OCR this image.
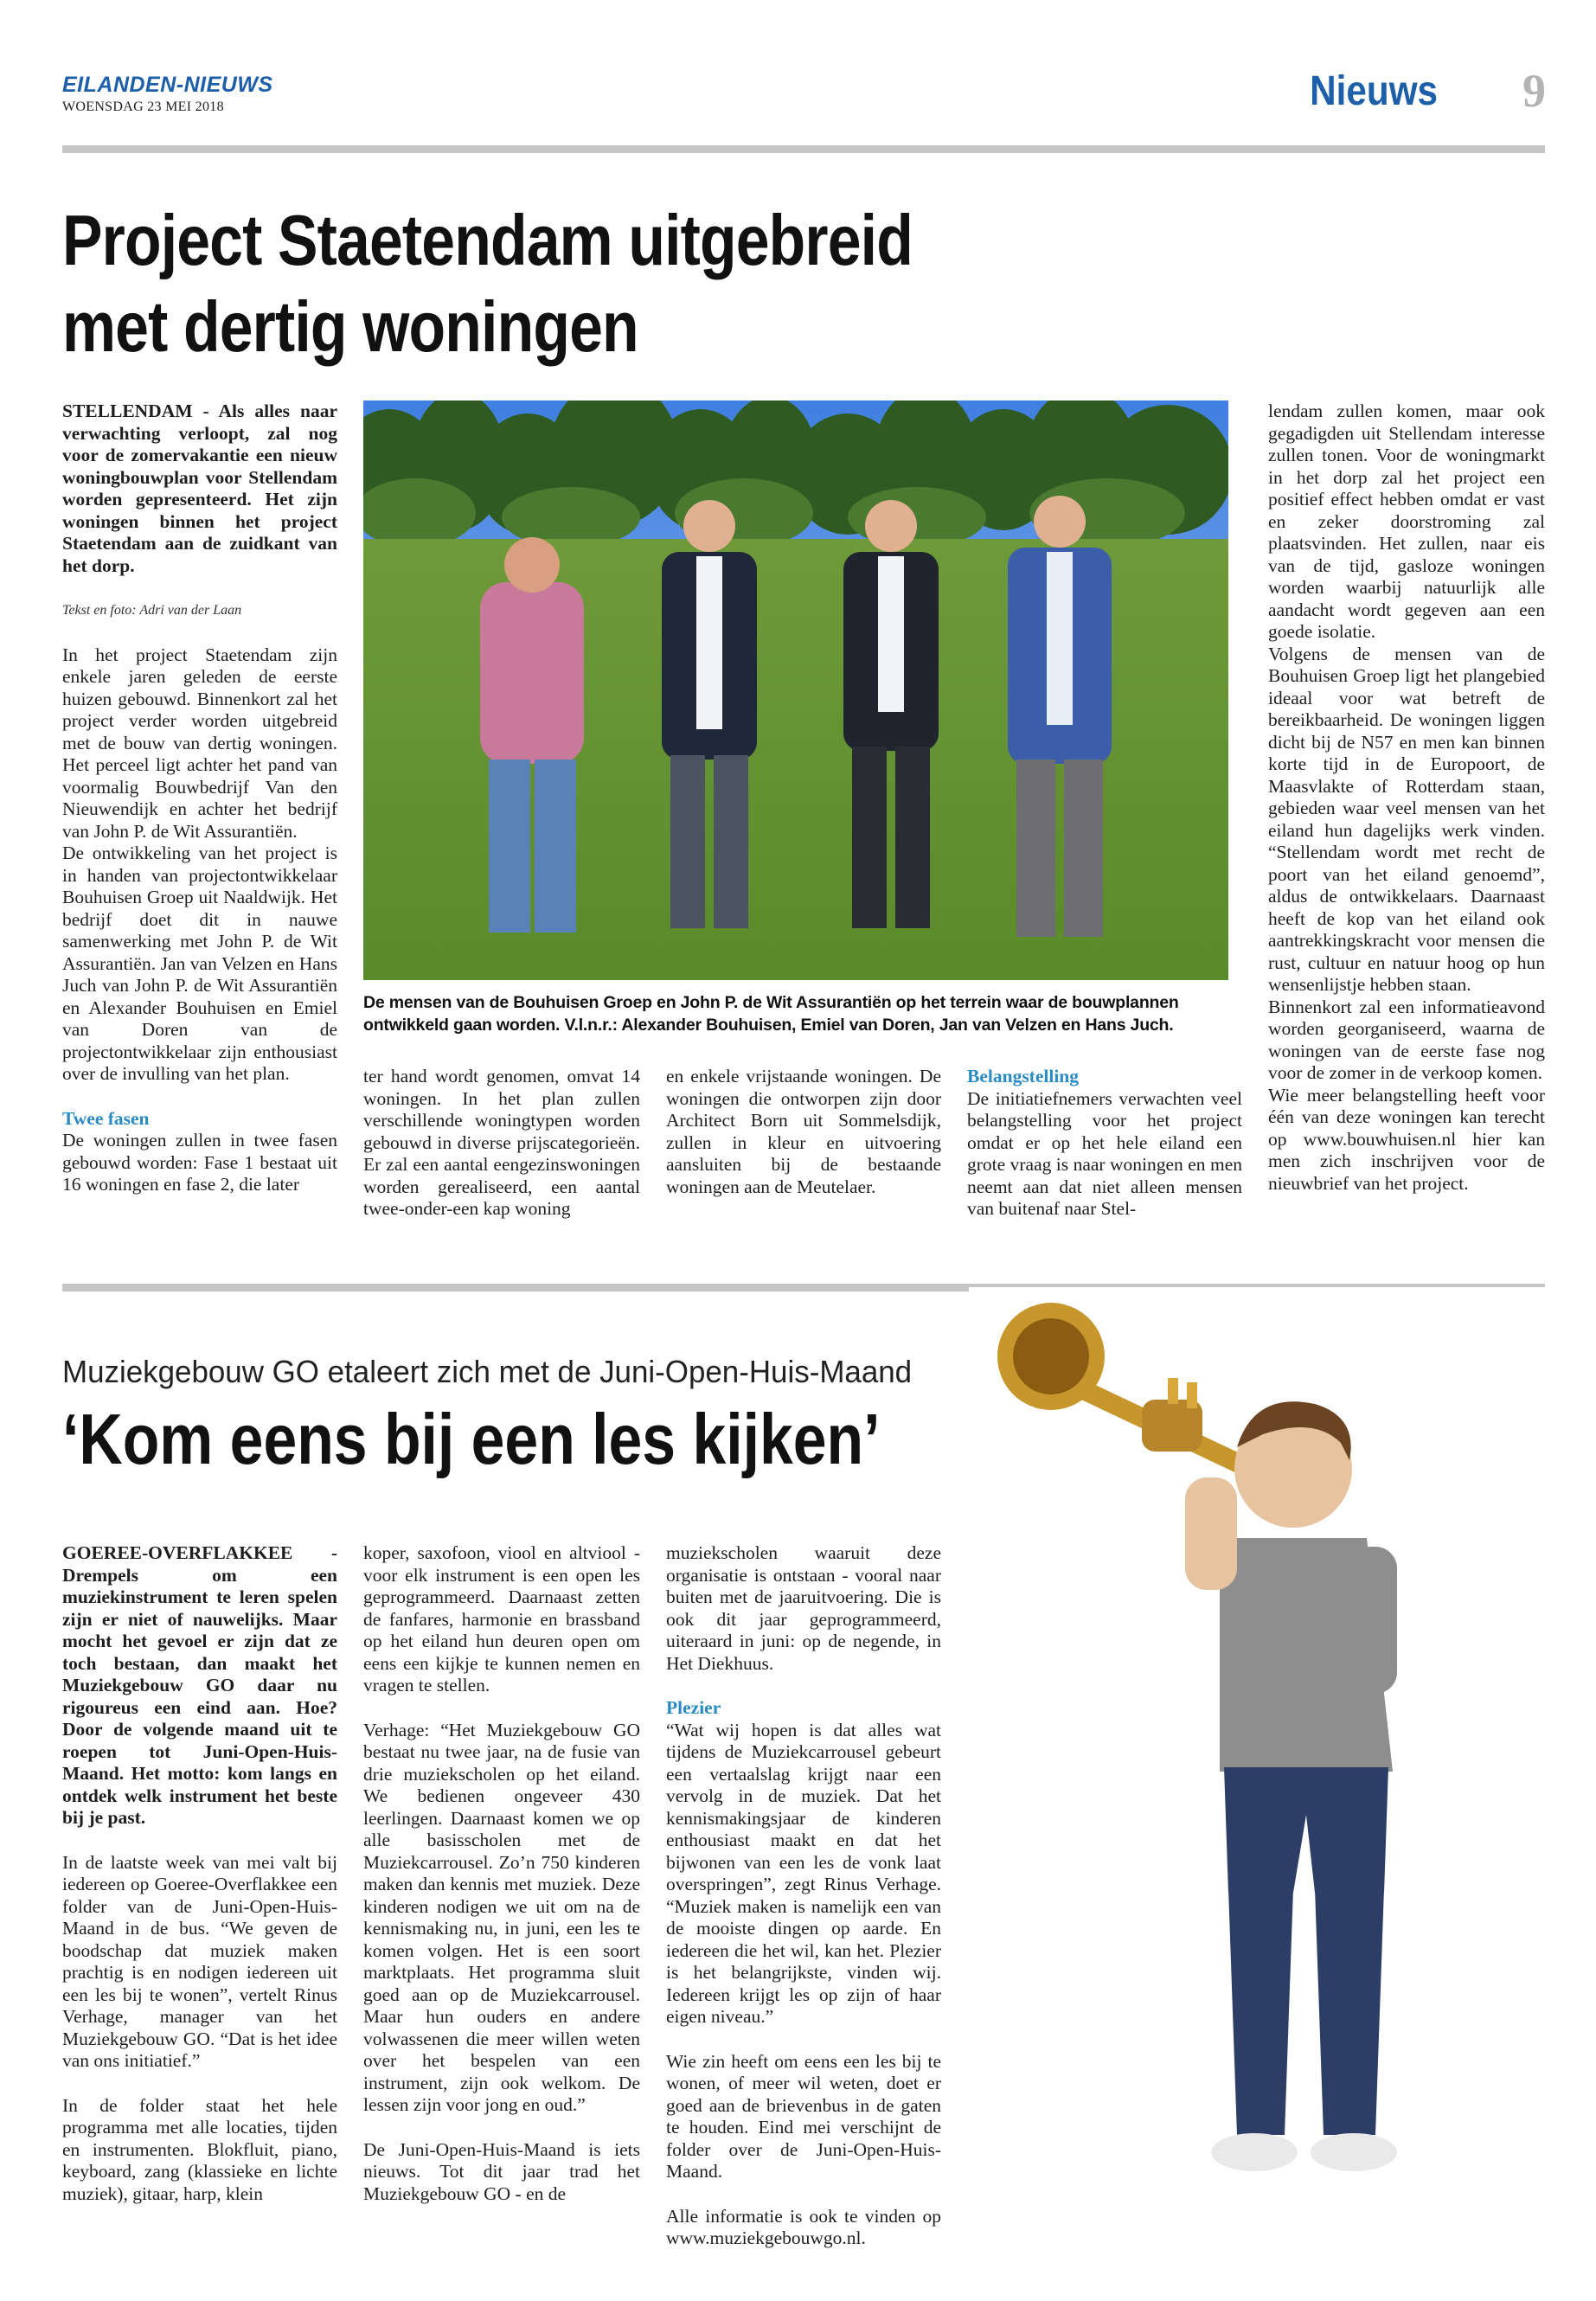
EILANDEN-NIEUWS
WOENSDAG 23 MEI 2018	Nieuws 9
Project Staetendam uitgebreid
met dertig woningen

STELLENDAM - Als alles naar verwachting verloopt, zal nog voor de zomervakantie een nieuw woningbouwplan voor Stellendam worden gepresenteerd. Het zijn woningen binnen het project Staetendam aan de zuidkant van het dorp.

Tekst en foto: Adri van der Laan

In het project Staetendam zijn enkele jaren geleden de eerste huizen gebouwd. Binnenkort zal het project verder worden uitgebreid met de bouw van dertig woningen. Het perceel ligt achter het pand van voormalig Bouwbedrijf Van den Nieuwendijk en achter het bedrijf van John P. de Wit Assurantiën.

De ontwikkeling van het project is in handen van projectontwikkelaar Bouhuisen Groep uit Naaldwijk. Het bedrijf doet dit in nauwe samenwerking met John P. de Wit Assurantiën. Jan van Velzen en Hans Juch van John P. de Wit Assurantiën en Alexander Bouhuisen en Emiel van Doren van de projectontwikkelaar zijn enthousiast over de invulling van het plan.

Twee fasen

De woningen zullen in twee fasen gebouwd worden: Fase 1 bestaat uit 16 woningen en fase 2, die later

De mensen van de Bouhuisen Groep en John P. de Wit Assurantiën op het terrein waar de bouwplannen ontwikkeld gaan worden. V.l.n.r.: Alexander Bouhuisen, Emiel van Doren, Jan van Velzen en Hans Juch.

ter hand wordt genomen, omvat 14 woningen. In het plan zullen verschillende woningtypen worden gebouwd in diverse prijscategorieën. Er zal een aantal eengezinswoningen worden gerealiseerd, een aantal twee-onder-een kap woning

en enkele vrijstaande woningen. De woningen die ontworpen zijn door Architect Born uit Sommelsdijk, zullen in kleur en uitvoering aansluiten bij de bestaande woningen aan de Meutelaer.

Belangstelling

De initiatiefnemers verwachten veel belangstelling voor het project omdat er op het hele eiland een grote vraag is naar woningen en men neemt aan dat niet alleen mensen van buitenaf naar Stel-

lendam zullen komen, maar ook gegadigden uit Stellendam interesse zullen tonen. Voor de woningmarkt in het dorp zal het project een positief effect hebben omdat er vast en zeker doorstroming zal plaatsvinden. Het zullen, naar eis van de tijd, gasloze woningen worden waarbij natuurlijk alle aandacht wordt gegeven aan een goede isolatie.

Volgens de mensen van de Bouhuisen Groep ligt het plangebied ideaal voor wat betreft de bereikbaarheid. De woningen liggen dicht bij de N57 en men kan binnen korte tijd in de Europoort, de Maasvlakte of Rotterdam staan, gebieden waar veel mensen van het eiland hun dagelijks werk vinden. “Stellendam wordt met recht de poort van het eiland genoemd”, aldus de ontwikkelaars. Daarnaast heeft de kop van het eiland ook aantrekkingskracht voor mensen die rust, cultuur en natuur hoog op hun wensenlijstje hebben staan.

Binnenkort zal een informatieavond worden georganiseerd, waarna de woningen van de eerste fase nog voor de zomer in de verkoop komen.

Wie meer belangstelling heeft voor één van deze woningen kan terecht op www.bouwhuisen.nl hier kan men zich inschrijven voor de nieuwbrief van het project.

Muziekgebouw GO etaleert zich met de Juni-Open-Huis-Maand
‘Kom eens bij een les kijken’

GOEREE-OVERFLAKKEE - Drempels om een muziekinstrument te leren spelen zijn er niet of nauwelijks. Maar mocht het gevoel er zijn dat ze toch bestaan, dan maakt het Muziekgebouw GO daar nu rigoureus een eind aan. Hoe? Door de volgende maand uit te roepen tot Juni-Open-Huis-Maand. Het motto: kom langs en ontdek welk instrument het beste bij je past.

In de laatste week van mei valt bij iedereen op Goeree-Overflakkee een folder van de Juni-Open-Huis-Maand in de bus. “We geven de boodschap dat muziek maken prachtig is en nodigen iedereen uit een les bij te wonen”, vertelt Rinus Verhage, manager van het Muziekgebouw GO. “Dat is het idee van ons initiatief.”

In de folder staat het hele programma met alle locaties, tijden en instrumenten. Blokfluit, piano, keyboard, zang (klassieke en lichte muziek), gitaar, harp, klein

koper, saxofoon, viool en altviool - voor elk instrument is een open les geprogrammeerd. Daarnaast zetten de fanfares, harmonie en brassband op het eiland hun deuren open om eens een kijkje te kunnen nemen en vragen te stellen.

Verhage: “Het Muziekgebouw GO bestaat nu twee jaar, na de fusie van drie muziekscholen op het eiland. We bedienen ongeveer 430 leerlingen. Daarnaast komen we op alle basisscholen met de Muziekcarrousel. Zo’n 750 kinderen maken dan kennis met muziek. Deze kinderen nodigen we uit om na de kennismaking nu, in juni, een les te komen volgen. Het is een soort marktplaats. Het programma sluit goed aan op de Muziekcarrousel. Maar hun ouders en andere volwassenen die meer willen weten over het bespelen van een instrument, zijn ook welkom. De lessen zijn voor jong en oud.”

De Juni-Open-Huis-Maand is iets nieuws. Tot dit jaar trad het Muziekgebouw GO - en de

muziekscholen waaruit deze organisatie is ontstaan - vooral naar buiten met de jaaruitvoering. Die is ook dit jaar geprogrammeerd, uiteraard in juni: op de negende, in Het Diekhuus.

Plezier

“Wat wij hopen is dat alles wat tijdens de Muziekcarrousel gebeurt een vertaalslag krijgt naar een vervolg in de muziek. Dat het kennismakingsjaar de kinderen enthousiast maakt en dat het bijwonen van een les de vonk laat overspringen”, zegt Rinus Verhage. “Muziek maken is namelijk een van de mooiste dingen op aarde. En iedereen die het wil, kan het. Plezier is het belangrijkste, vinden wij. Iedereen krijgt les op zijn of haar eigen niveau.”

Wie zin heeft om eens een les bij te wonen, of meer wil weten, doet er goed aan de brievenbus in de gaten te houden. Eind mei verschijnt de folder over de Juni-Open-Huis-Maand.

Alle informatie is ook te vinden op www.muziekgebouwgo.nl.
